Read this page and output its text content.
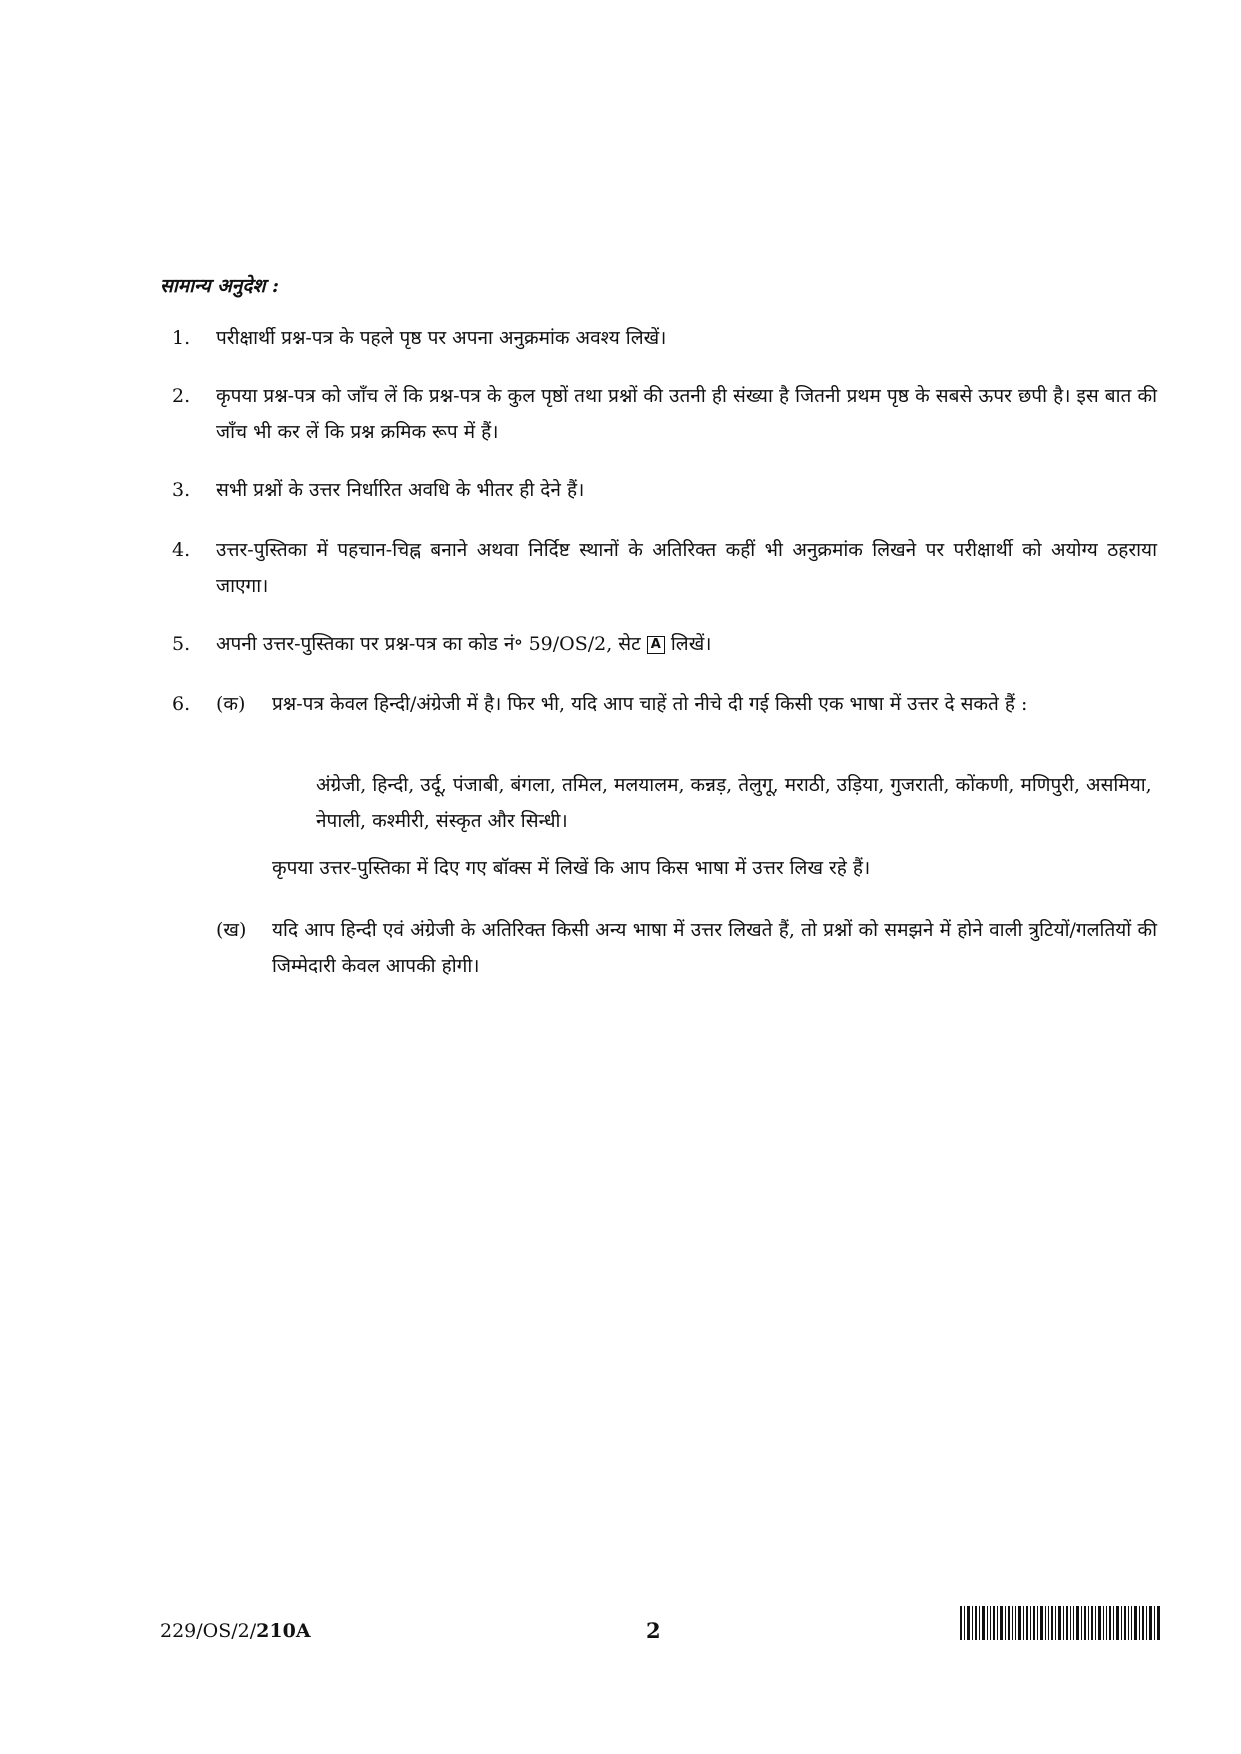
सामान्य अनुदेश :
1.	परीक्षार्थी प्रश्न-पत्र के पहले पृष्ठ पर अपना अनुक्रमांक अवश्य लिखें।
2.	कृपया प्रश्न-पत्र को जाँच लें कि प्रश्न-पत्र के कुल पृष्ठों तथा प्रश्नों की उतनी ही संख्या है जितनी प्रथम पृष्ठ के सबसे ऊपर छपी है। इस बात की जाँच भी कर लें कि प्रश्न क्रमिक रूप में हैं।
3.	सभी प्रश्नों के उत्तर निर्धारित अवधि के भीतर ही देने हैं।
4.	उत्तर-पुस्तिका में पहचान-चिह्न बनाने अथवा निर्दिष्ट स्थानों के अतिरिक्त कहीं भी अनुक्रमांक लिखने पर परीक्षार्थी को अयोग्य ठहराया जाएगा।
5.	अपनी उत्तर-पुस्तिका पर प्रश्न-पत्र का कोड नं॰ 59/OS/2, सेट A लिखें।
6.	(क) प्रश्न-पत्र केवल हिन्दी/अंग्रेजी में है। फिर भी, यदि आप चाहें तो नीचे दी गई किसी एक भाषा में उत्तर दे सकते हैं :
(ख) यदि आप हिन्दी एवं अंग्रेजी के अतिरिक्त किसी अन्य भाषा में उत्तर लिखते हैं, तो प्रश्नों को समझने में होने वाली त्रुटियों/गलतियों की जिम्मेदारी केवल आपकी होगी।
अंग्रेजी, हिन्दी, उर्दू, पंजाबी, बंगला, तमिल, मलयालम, कन्नड़, तेलुगू, मराठी, उड़िया, गुजराती, कोंकणी, मणिपुरी, असमिया, नेपाली, कश्मीरी, संस्कृत और सिन्धी।
कृपया उत्तर-पुस्तिका में दिए गए बॉक्स में लिखें कि आप किस भाषा में उत्तर लिख रहे हैं।
229/OS/2/210A	2
